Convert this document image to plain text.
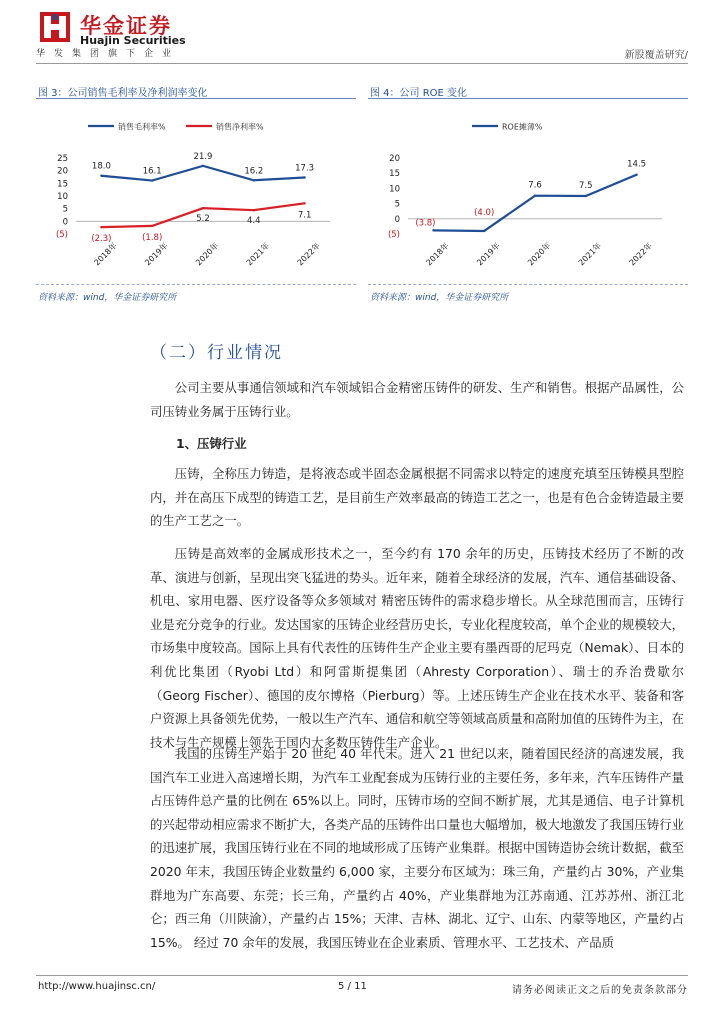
华金证券
Huajin Securities
华发集团旗下企业	新股覆盖研究/
图 3：公司销售毛利率及净利润率变化
销售毛利率%	销售净利率%
25
20
15
10
5
0
(5)
2018年	2019年	2020年	2021年	2022年
18.0	16.1
21.9
16.2	17.3
(2.3)	(1.8)
5.2	4.4
7.1
资料来源：wind，华金证券研究所
图 4：公司 ROE 变化
ROE摊薄%
20
15
10
5
0
(5)
2018年	2019年	2020年	2021年	2022年
(3.8)
(4.0)
7.6	7.5
14.5
资料来源：wind，华金证券研究所
（二）行业情况

公司主要从事通信领域和汽车领域铝合金精密压铸件的研发、生产和销售。根据产品属性，公司压铸业务属于压铸行业。

1、压铸行业

压铸，全称压力铸造，是将液态或半固态金属根据不同需求以特定的速度充填至压铸模具型腔内，并在高压下成型的铸造工艺，是目前生产效率最高的铸造工艺之一，也是有色合金铸造最主要的生产工艺之一。

压铸是高效率的金属成形技术之一，至今约有 170 余年的历史，压铸技术经历了不断的改革、演进与创新，呈现出突飞猛进的势头。近年来，随着全球经济的发展，汽车、通信基础设备、机电、家用电器、医疗设备等众多领域对 精密压铸件的需求稳步增长。从全球范围而言，压铸行业是充分竞争的行业。发达国家的压铸企业经营历史长，专业化程度较高，单个企业的规模较大，市场集中度较高。国际上具有代表性的压铸件生产企业主要有墨西哥的尼玛克（Nemak）、日本的利优比集团（Ryobi Ltd）和阿雷斯提集团（Ahresty Corporation）、瑞士的乔治费歇尔（Georg Fischer）、德国的皮尔博格（Pierburg）等。上述压铸生产企业在技术水平、装备和客户资源上具备领先优势，一般以生产汽车、通信和航空等领域高质量和高附加值的压铸件为主，在技术与生产规模上领先于国内大多数压铸件生产企业。

我国的压铸生产始于 20 世纪 40 年代末。进入 21 世纪以来，随着国民经济的高速发展，我国汽车工业进入高速增长期，为汽车工业配套成为压铸行业的主要任务，多年来，汽车压铸件产量占压铸件总产量的比例在 65%以上。同时，压铸市场的空间不断扩展，尤其是通信、电子计算机的兴起带动相应需求不断扩大，各类产品的压铸件出口量也大幅增加，极大地激发了我国压铸行业的迅速扩展，我国压铸行业在不同的地域形成了压铸产业集群。根据中国铸造协会统计数据，截至 2020 年末，我国压铸企业数量约 6,000 家，主要分布区域为：珠三角，产量约占 30%，产业集群地为广东高要、东莞；长三角，产量约占 40%，产业集群地为江苏南通、江苏苏州、浙江北仑；西三角（川陕渝），产量约占 15%；天津、吉林、湖北、辽宁、山东、内蒙等地区，产量约占 15%。 经过 70 余年的发展，我国压铸业在企业素质、管理水平、工艺技术、产品质

http://www.huajinsc.cn/	5 / 11	请务必阅读正文之后的免责条款部分
